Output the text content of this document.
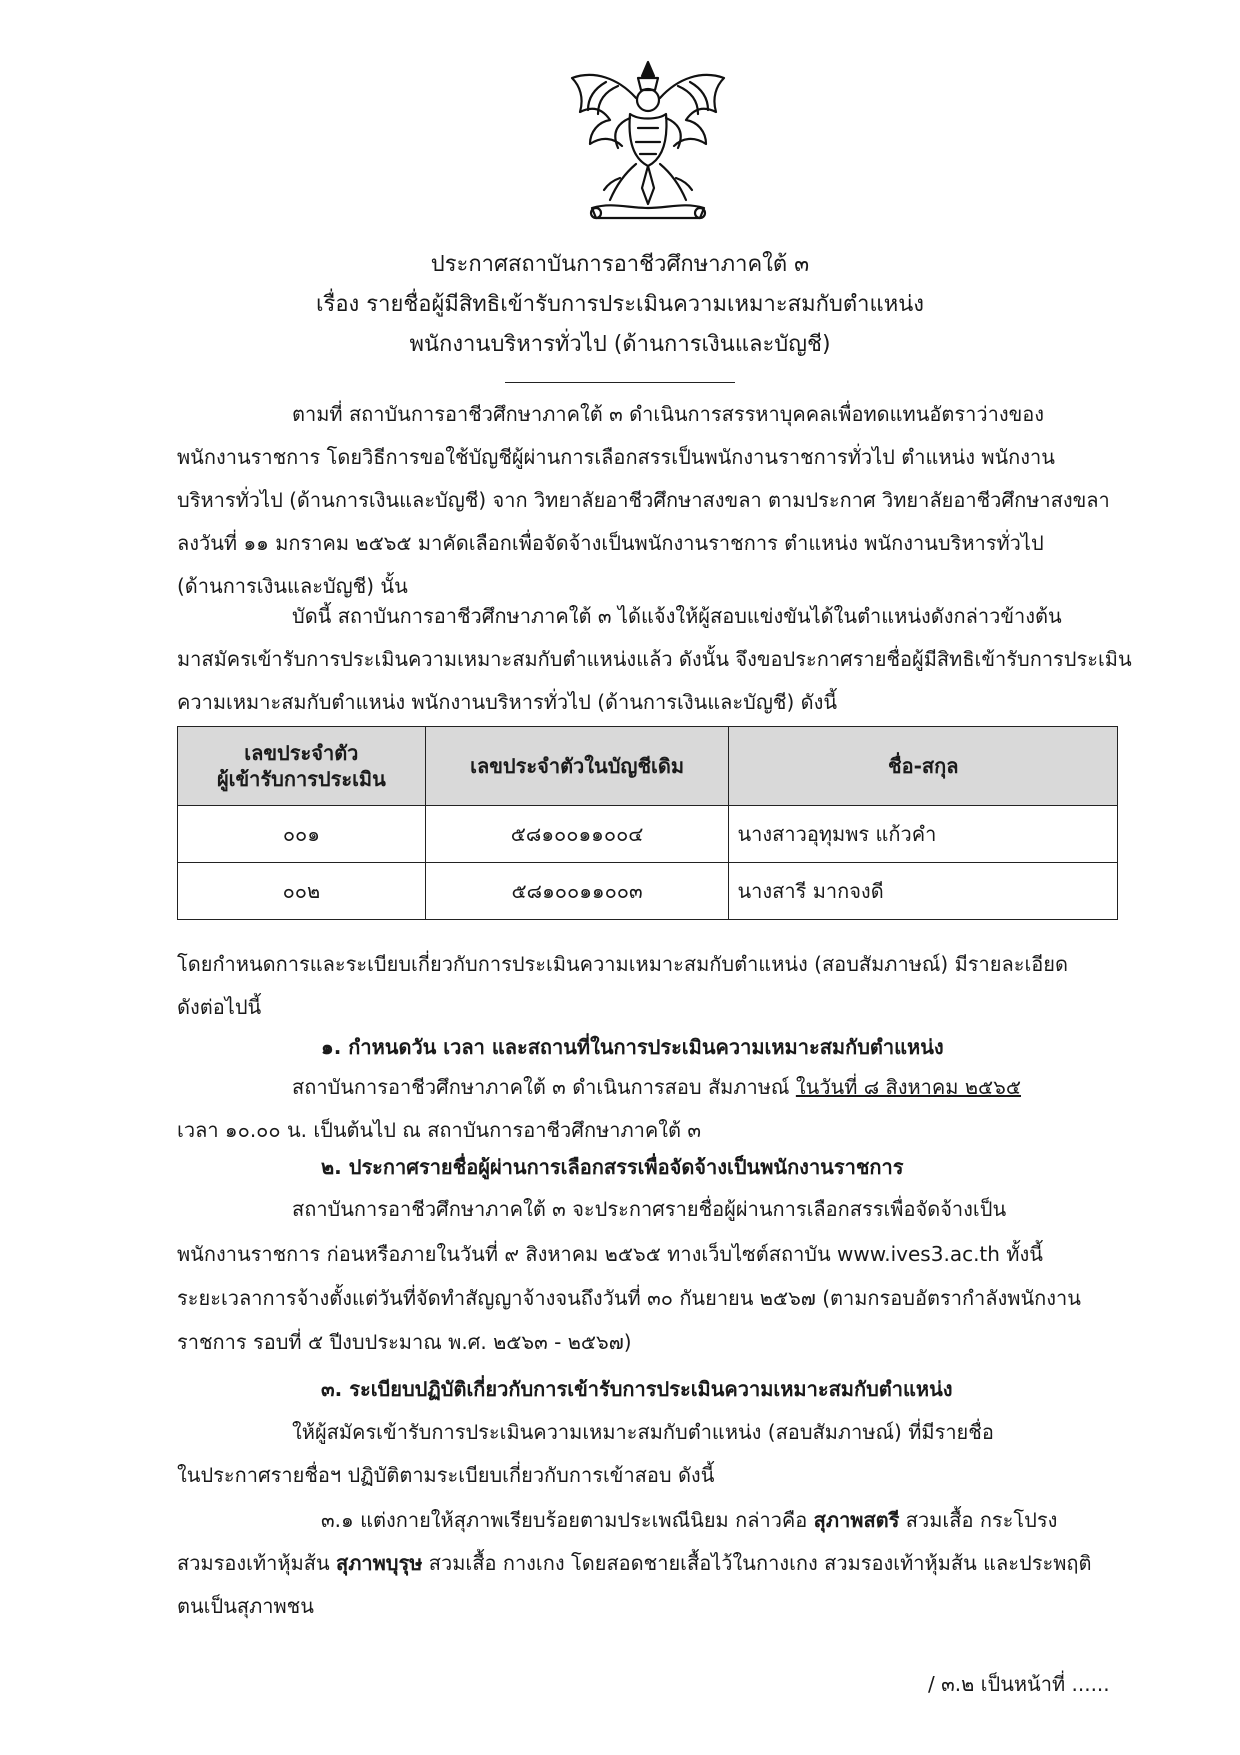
ประกาศสถาบันการอาชีวศึกษาภาคใต้ ๓
เรื่อง รายชื่อผู้มีสิทธิเข้ารับการประเมินความเหมาะสมกับตำแหน่ง
พนักงานบริหารทั่วไป (ด้านการเงินและบัญชี)
ตามที่ สถาบันการอาชีวศึกษาภาคใต้ ๓ ดำเนินการสรรหาบุคคลเพื่อทดแทนอัตราว่างของ
พนักงานราชการ โดยวิธีการขอใช้บัญชีผู้ผ่านการเลือกสรรเป็นพนักงานราชการทั่วไป ตำแหน่ง พนักงาน
บริหารทั่วไป (ด้านการเงินและบัญชี) จาก วิทยาลัยอาชีวศึกษาสงขลา ตามประกาศ วิทยาลัยอาชีวศึกษาสงขลา
ลงวันที่ ๑๑ มกราคม ๒๕๖๕ มาคัดเลือกเพื่อจัดจ้างเป็นพนักงานราชการ ตำแหน่ง พนักงานบริหารทั่วไป
(ด้านการเงินและบัญชี) นั้น
บัดนี้ สถาบันการอาชีวศึกษาภาคใต้ ๓ ได้แจ้งให้ผู้สอบแข่งขันได้ในตำแหน่งดังกล่าวข้างต้น
มาสมัครเข้ารับการประเมินความเหมาะสมกับตำแหน่งแล้ว ดังนั้น จึงขอประกาศรายชื่อผู้มีสิทธิเข้ารับการประเมิน
ความเหมาะสมกับตำแหน่ง พนักงานบริหารทั่วไป (ด้านการเงินและบัญชี) ดังนี้
เลขประจำตัว
ผู้เข้ารับการประเมิน	เลขประจำตัวในบัญชีเดิม	ชื่อ-สกุล
๐๐๑	๕๘๑๐๐๑๑๐๐๔	นางสาวอุทุมพร แก้วคำ
๐๐๒	๕๘๑๐๐๑๑๐๐๓	นางสารี มากจงดี
โดยกำหนดการและระเบียบเกี่ยวกับการประเมินความเหมาะสมกับตำแหน่ง (สอบสัมภาษณ์) มีรายละเอียด
ดังต่อไปนี้
๑. กำหนดวัน เวลา และสถานที่ในการประเมินความเหมาะสมกับตำแหน่ง
สถาบันการอาชีวศึกษาภาคใต้ ๓ ดำเนินการสอบ สัมภาษณ์ ในวันที่ ๘ สิงหาคม ๒๕๖๕
เวลา ๑๐.๐๐ น. เป็นต้นไป ณ สถาบันการอาชีวศึกษาภาคใต้ ๓
๒. ประกาศรายชื่อผู้ผ่านการเลือกสรรเพื่อจัดจ้างเป็นพนักงานราชการ
สถาบันการอาชีวศึกษาภาคใต้ ๓ จะประกาศรายชื่อผู้ผ่านการเลือกสรรเพื่อจัดจ้างเป็น
พนักงานราชการ ก่อนหรือภายในวันที่ ๙ สิงหาคม ๒๕๖๕ ทางเว็บไซต์สถาบัน www.ives3.ac.th ทั้งนี้
ระยะเวลาการจ้างตั้งแต่วันที่จัดทำสัญญาจ้างจนถึงวันที่ ๓๐ กันยายน ๒๕๖๗ (ตามกรอบอัตรากำลังพนักงาน
ราชการ รอบที่ ๕ ปีงบประมาณ พ.ศ. ๒๕๖๓ - ๒๕๖๗)
๓. ระเบียบปฏิบัติเกี่ยวกับการเข้ารับการประเมินความเหมาะสมกับตำแหน่ง
ให้ผู้สมัครเข้ารับการประเมินความเหมาะสมกับตำแหน่ง (สอบสัมภาษณ์) ที่มีรายชื่อ
ในประกาศรายชื่อฯ ปฏิบัติตามระเบียบเกี่ยวกับการเข้าสอบ ดังนี้
๓.๑ แต่งกายให้สุภาพเรียบร้อยตามประเพณีนิยม กล่าวคือ สุภาพสตรี สวมเสื้อ กระโปรง
สวมรองเท้าหุ้มส้น สุภาพบุรุษ สวมเสื้อ กางเกง โดยสอดชายเสื้อไว้ในกางเกง สวมรองเท้าหุ้มส้น และประพฤติ
ตนเป็นสุภาพชน
/ ๓.๒ เป็นหน้าที่ ......
